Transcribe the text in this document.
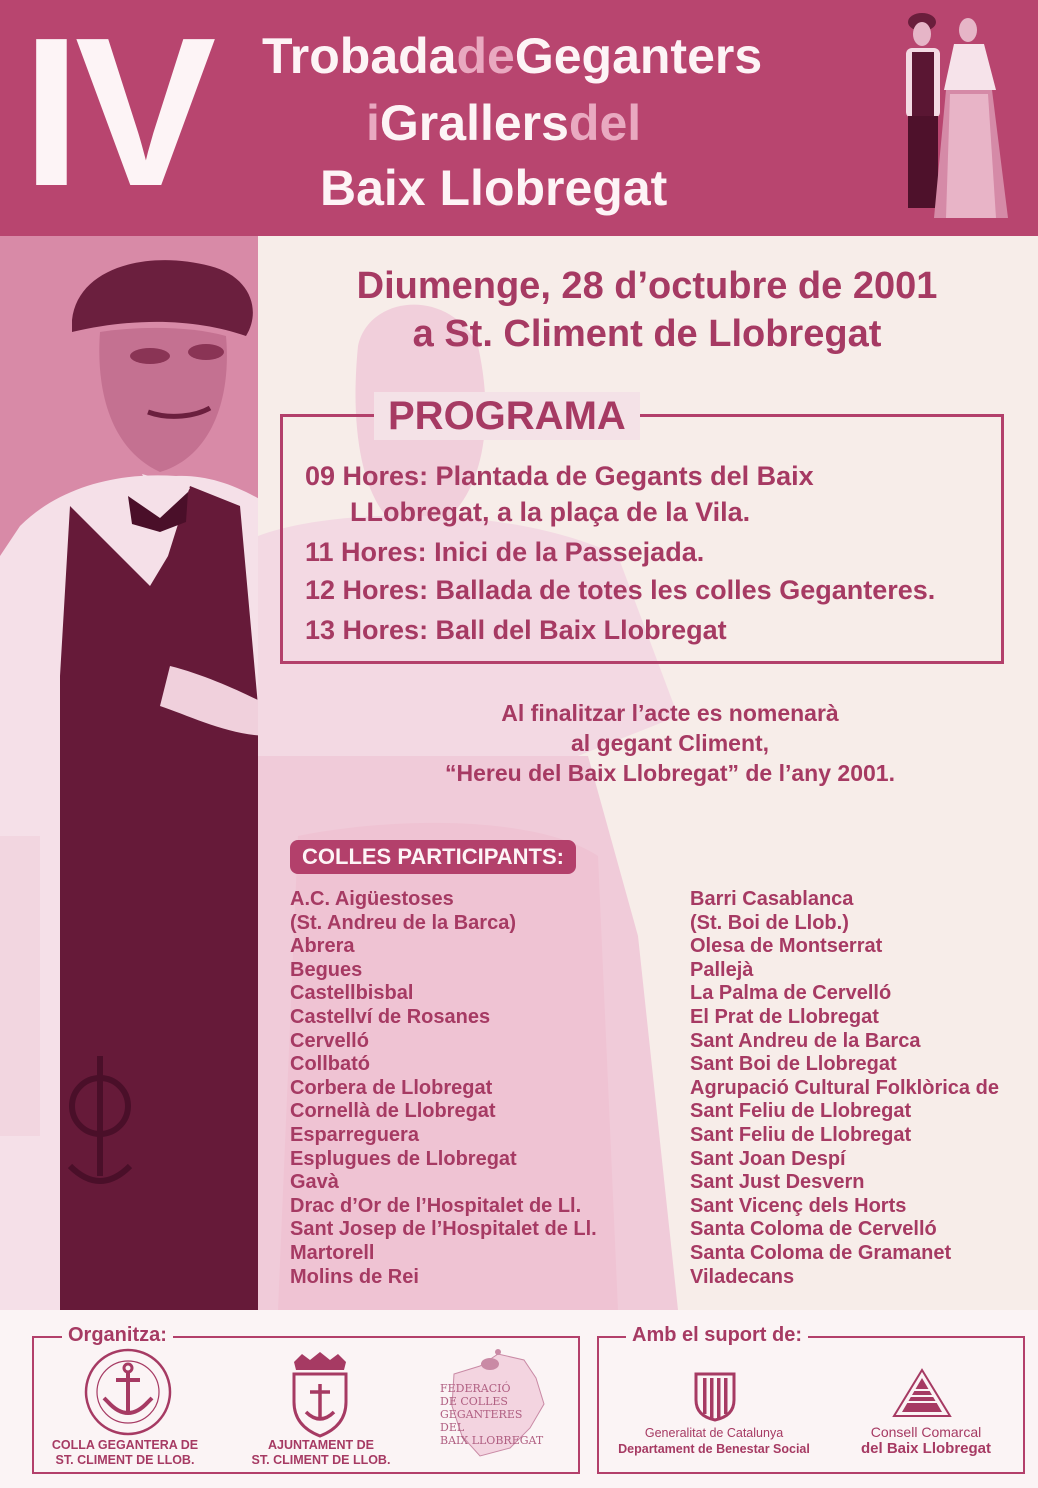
IV TrobadadeGeganters
iGrallersdel
Baix Llobregat
Diumenge, 28 d’octubre de 2001
a St. Climent de Llobregat
PROGRAMA
09 Hores: Plantada de Gegants del Baix
LLobregat, a la plaça de la Vila.
11 Hores: Inici de la Passejada.
12 Hores: Ballada de totes les colles Geganteres.
13 Hores: Ball del Baix Llobregat
Al finalitzar l’acte es nomenarà
al gegant Climent,
“Hereu del Baix Llobregat” de l’any 2001.
COLLES PARTICIPANTS:
A.C. Aigüestoses
(St. Andreu de la Barca)
Abrera
Begues
Castellbisbal
Castellví de Rosanes
Cervelló
Collbató
Corbera de Llobregat
Cornellà de Llobregat
Esparreguera
Esplugues de Llobregat
Gavà
Drac d’Or de l’Hospitalet de Ll.
Sant Josep de l’Hospitalet de Ll.
Martorell
Molins de Rei
Barri Casablanca
(St. Boi de Llob.)
Olesa de Montserrat
Pallejà
La Palma de Cervelló
El Prat de Llobregat
Sant Andreu de la Barca
Sant Boi de Llobregat
Agrupació Cultural Folklòrica de
Sant Feliu de Llobregat
Sant Feliu de Llobregat
Sant Joan Despí
Sant Just Desvern
Sant Vicenç dels Horts
Santa Coloma de Cervelló
Santa Coloma de Gramanet
Viladecans
Organitza:	Amb el suport de:
COLLA GEGANTERA DE
ST. CLIMENT DE LLOB.
AJUNTAMENT DE
ST. CLIMENT DE LLOB.
FEDERACIÓ
DE COLLES
GEGANTERES
DEL
BAIX LLOBREGAT
Generalitat de Catalunya
Departament de Benestar Social
Consell Comarcal
del Baix Llobregat
